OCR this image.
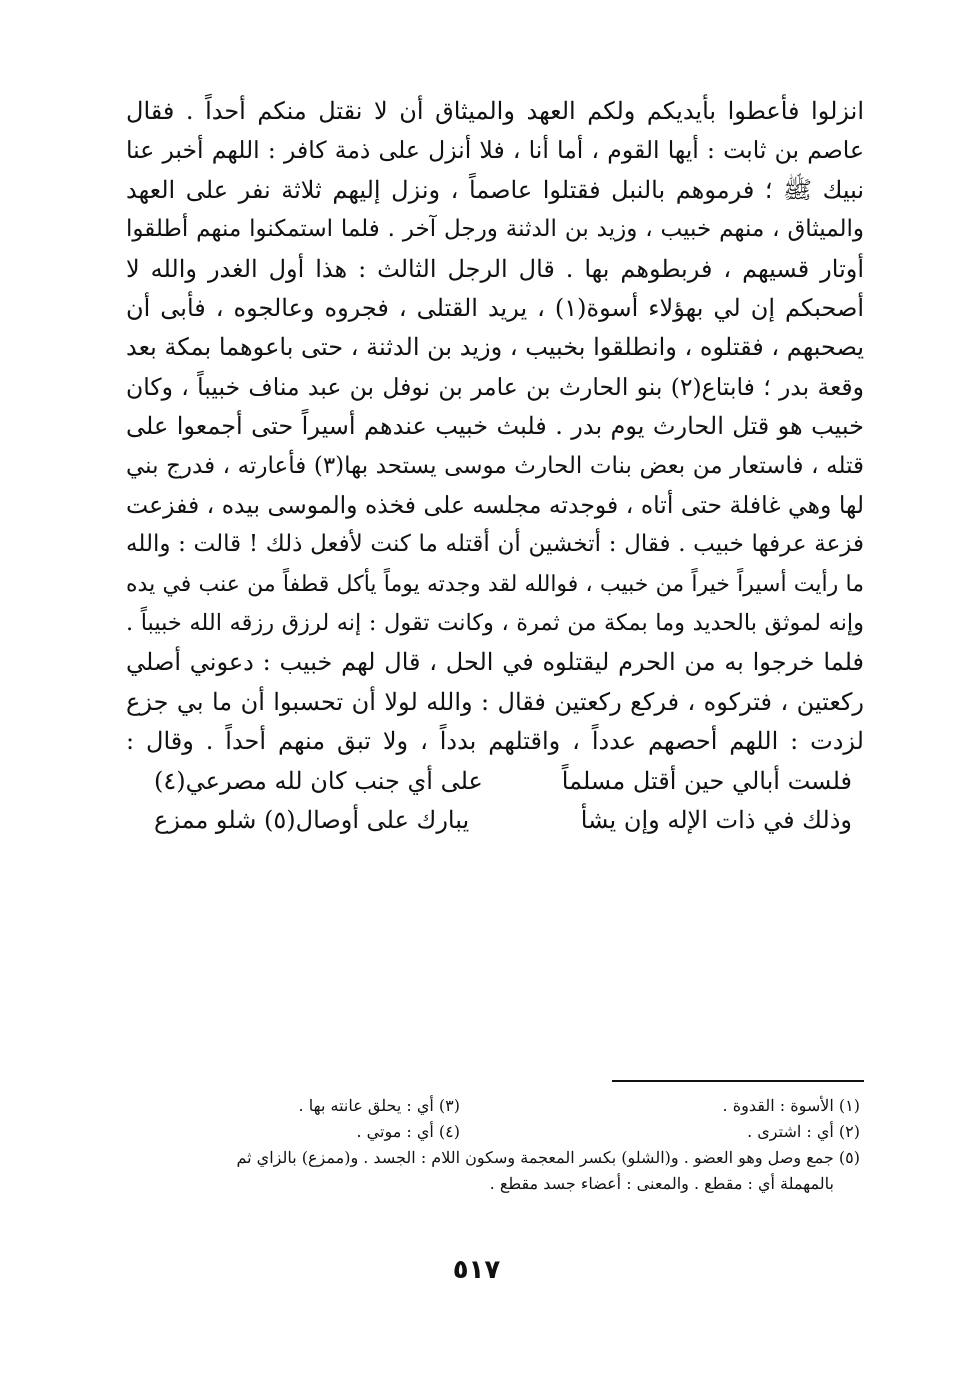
انزلوا فأعطوا بأيديكم ولكم العهد والميثاق أن لا نقتل منكم أحداً . فقال
عاصم بن ثابت : أيها القوم ، أما أنا ، فلا أنزل على ذمة كافر : اللهم أخبر عنا
نبيك ﷺ ؛ فرموهم بالنبل فقتلوا عاصماً ، ونزل إليهم ثلاثة نفر على العهد
والميثاق ، منهم خبيب ، وزيد بن الدثنة ورجل آخر . فلما استمكنوا منهم أطلقوا
أوتار قسيهم ، فربطوهم بها . قال الرجل الثالث : هذا أول الغدر والله لا
أصحبكم إن لي بهؤلاء أسوة(١) ، يريد القتلى ، فجروه وعالجوه ، فأبى أن
يصحبهم ، فقتلوه ، وانطلقوا بخبيب ، وزيد بن الدثنة ، حتى باعوهما بمكة بعد
وقعة بدر ؛ فابتاع(٢) بنو الحارث بن عامر بن نوفل بن عبد مناف خبيباً ، وكان
خبيب هو قتل الحارث يوم بدر . فلبث خبيب عندهم أسيراً حتى أجمعوا على
قتله ، فاستعار من بعض بنات الحارث موسى يستحد بها(٣) فأعارته ، فدرج بني
لها وهي غافلة حتى أتاه ، فوجدته مجلسه على فخذه والموسى بيده ، ففزعت
فزعة عرفها خبيب . فقال : أتخشين أن أقتله ما كنت لأفعل ذلك ! قالت : والله
ما رأيت أسيراً خيراً من خبيب ، فوالله لقد وجدته يوماً يأكل قطفاً من عنب في يده
وإنه لموثق بالحديد وما بمكة من ثمرة ، وكانت تقول : إنه لرزق رزقه الله خبيباً .
فلما خرجوا به من الحرم ليقتلوه في الحل ، قال لهم خبيب : دعوني أصلي
ركعتين ، فتركوه ، فركع ركعتين فقال : والله لولا أن تحسبوا أن ما بي جزع
لزدت : اللهم أحصهم عدداً ، واقتلهم بدداً ، ولا تبق منهم أحداً . وقال :
فلست أبالي حين أقتل مسلماً
على أي جنب كان لله مصرعي(٤)
وذلك في ذات الإله وإن يشأ
يبارك على أوصال(٥) شلو ممزع
(١) الأسوة : القدوة .
(٣) أي : يحلق عانته بها .
(٢) أي : اشترى .
(٤) أي : موتي .
(٥) جمع وصل وهو العضو . و(الشلو) بكسر المعجمة وسكون اللام : الجسد . و(ممزع) بالزاي ثم
بالمهملة أي : مقطع . والمعنى : أعضاء جسد مقطع .
٥١٧
